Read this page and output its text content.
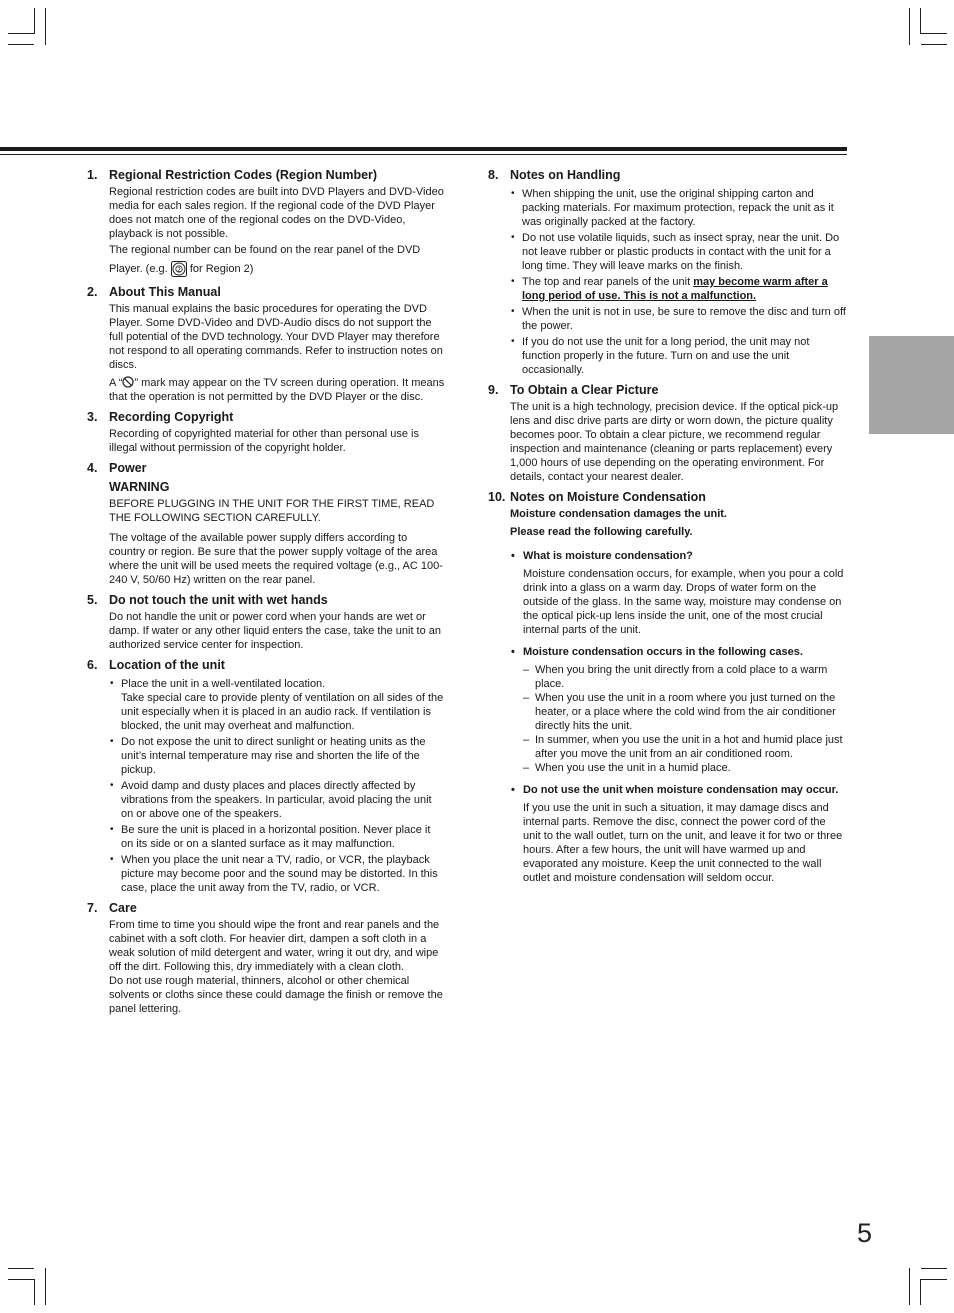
1. Regional Restriction Codes (Region Number)

Regional restriction codes are built into DVD Players and DVD-Video media for each sales region. If the regional code of the DVD Player does not match one of the regional codes on the DVD-Video, playback is not possible.

The regional number can be found on the rear panel of the DVD Player. (e.g. 2 for Region 2)

2. About This Manual

This manual explains the basic procedures for operating the DVD Player. Some DVD-Video and DVD-Audio discs do not support the full potential of the DVD technology. Your DVD Player may therefore not respond to all operating commands. Refer to instruction notes on discs.

A “ ” mark may appear on the TV screen during operation. It means that the operation is not permitted by the DVD Player or the disc.

3. Recording Copyright

Recording of copyrighted material for other than personal use is illegal without permission of the copyright holder.

4. Power
WARNING

BEFORE PLUGGING IN THE UNIT FOR THE FIRST TIME, READ THE FOLLOWING SECTION CAREFULLY.

The voltage of the available power supply differs according to country or region. Be sure that the power supply voltage of the area where the unit will be used meets the required voltage (e.g., AC 100-240 V, 50/60 Hz) written on the rear panel.

5. Do not touch the unit with wet hands

Do not handle the unit or power cord when your hands are wet or damp. If water or any other liquid enters the case, take the unit to an authorized service center for inspection.

6. Location of the unit
• Place the unit in a well-ventilated location.
Take special care to provide plenty of ventilation on all sides of the unit especially when it is placed in an audio rack. If ventilation is blocked, the unit may overheat and malfunction.
• Do not expose the unit to direct sunlight or heating units as the unit’s internal temperature may rise and shorten the life of the pickup.
• Avoid damp and dusty places and places directly affected by vibrations from the speakers. In particular, avoid placing the unit on or above one of the speakers.
• Be sure the unit is placed in a horizontal position. Never place it on its side or on a slanted surface as it may malfunction.
• When you place the unit near a TV, radio, or VCR, the playback picture may become poor and the sound may be distorted. In this case, place the unit away from the TV, radio, or VCR.
7. Care

From time to time you should wipe the front and rear panels and the cabinet with a soft cloth. For heavier dirt, dampen a soft cloth in a weak solution of mild detergent and water, wring it out dry, and wipe off the dirt. Following this, dry immediately with a clean cloth.

Do not use rough material, thinners, alcohol or other chemical solvents or cloths since these could damage the finish or remove the panel lettering.

8. Notes on Handling
• When shipping the unit, use the original shipping carton and packing materials. For maximum protection, repack the unit as it was originally packed at the factory.
• Do not use volatile liquids, such as insect spray, near the unit. Do not leave rubber or plastic products in contact with the unit for a long time. They will leave marks on the finish.
• The top and rear panels of the unit may become warm after a long period of use. This is not a malfunction.
• When the unit is not in use, be sure to remove the disc and turn off the power.
• If you do not use the unit for a long period, the unit may not function properly in the future. Turn on and use the unit occasionally.
9. To Obtain a Clear Picture

The unit is a high technology, precision device. If the optical pick-up lens and disc drive parts are dirty or worn down, the picture quality becomes poor. To obtain a clear picture, we recommend regular inspection and maintenance (cleaning or parts replacement) every 1,000 hours of use depending on the operating environment. For details, contact your nearest dealer.

10. Notes on Moisture Condensation

Moisture condensation damages the unit.

Please read the following carefully.

• What is moisture condensation?

Moisture condensation occurs, for example, when you pour a cold drink into a glass on a warm day. Drops of water form on the outside of the glass. In the same way, moisture may condense on the optical pick-up lens inside the unit, one of the most crucial internal parts of the unit.

• Moisture condensation occurs in the following cases.

– When you bring the unit directly from a cold place to a warm place.
– When you use the unit in a room where you just turned on the heater, or a place where the cold wind from the air conditioner directly hits the unit.
– In summer, when you use the unit in a hot and humid place just after you move the unit from an air conditioned room.
– When you use the unit in a humid place.
• Do not use the unit when moisture condensation may occur.

If you use the unit in such a situation, it may damage discs and internal parts. Remove the disc, connect the power cord of the unit to the wall outlet, turn on the unit, and leave it for two or three hours. After a few hours, the unit will have warmed up and evaporated any moisture. Keep the unit connected to the wall outlet and moisture condensation will seldom occur.

5
